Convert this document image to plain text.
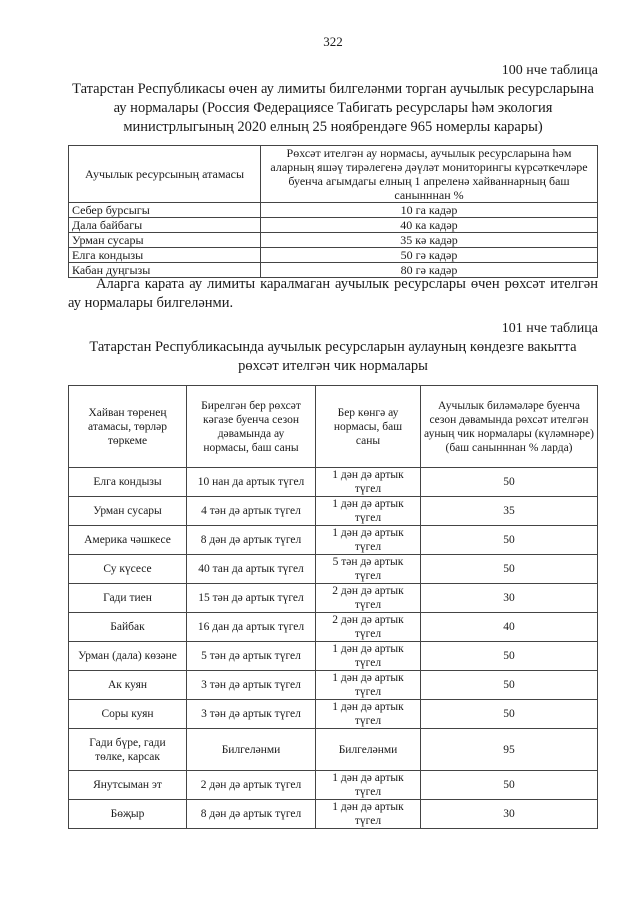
322
100 нче таблица
Татарстан Республикасы өчен ау лимиты билгеләнми торган аучылык ресурсларына
ау нормалары (Россия Федерациясе Табигать ресурслары һәм экология
министрлыгының 2020 елның 25 ноябрендәге 965 номерлы карары)
Аучылык ресурсының атамасы	Рөхсәт ителгән ау нормасы, аучылык ресурсларына һәм аларның яшәү тирәлегенә дәүләт мониторингы күрсәткечләре буенча агымдагы елның 1 апреленә хайваннарның баш санынннан %
Себер бурсыгы	10 га кадәр
Дала байбагы	40 ка кадәр
Урман сусары	35 кә кадәр
Елга кондызы	50 гә кадәр
Кабан дуңгызы	80 гә кадәр
Аларга карата ау лимиты каралмаган аучылык ресурслары өчен рөхсәт ителгән ау нормалары билгеләнми.
101 нче таблица
Татарстан Республикасында аучылык ресурсларын аулауның көндезге вакытта
рөхсәт ителгән чик нормалары
Хайван төренең атамасы, төрләр төркеме	Бирелгән бер рөхсәт кәгазе буенча сезон дәвамында ау нормасы, баш саны	Бер көнгә ау нормасы, баш саны	Аучылык биләмәләре буенча сезон дәвамында рөхсәт ителгән ауның чик нормалары (күләмнәре) (баш санынннан % ларда)
Елга кондызы	10 нан да артык түгел	1 дән дә артык түгел	50
Урман сусары	4 тән дә артык түгел	1 дән дә артык түгел	35
Америка чәшкесе	8 дән дә артык түгел	1 дән дә артык түгел	50
Су күсесе	40 тан да артык түгел	5 тән дә артык түгел	50
Гади тиен	15 тән дә артык түгел	2 дән дә артык түгел	30
Байбак	16 дан да артык түгел	2 дән дә артык түгел	40
Урман (дала) көзәне	5 тән дә артык түгел	1 дән дә артык түгел	50
Ак куян	3 тән дә артык түгел	1 дән дә артык түгел	50
Соры куян	3 тән дә артык түгел	1 дән дә артык түгел	50
Гади бүре, гади төлке, карсак	Билгеләнми	Билгеләнми	95
Янутсыман эт	2 дән дә артык түгел	1 дән дә артык түгел	50
Бөҗыр	8 дән дә артык түгел	1 дән дә артык түгел	30
